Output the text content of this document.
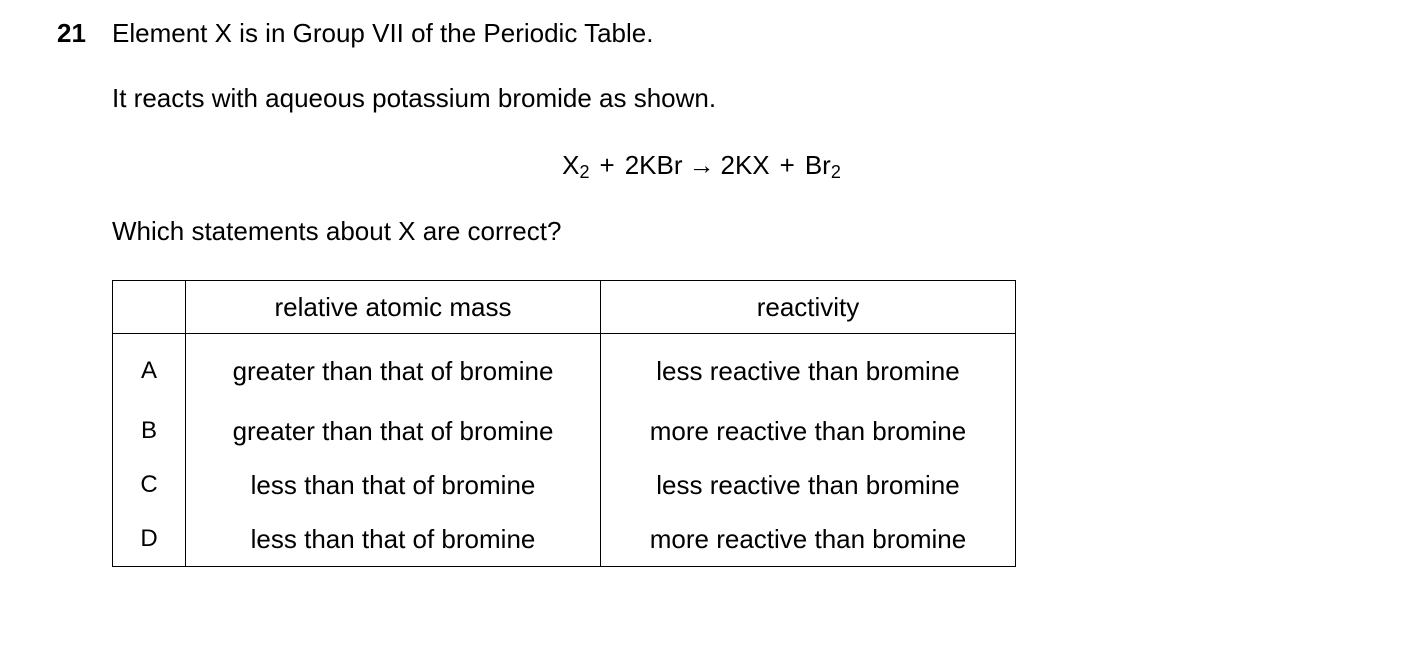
21 Element X is in Group VII of the Periodic Table.
It reacts with aqueous potassium bromide as shown.
$X_2 + 2KBr \to 2KX + Br_2$
Which statements about X are correct?
	relative atomic mass	reactivity
A	greater than that of bromine	less reactive than bromine
B	greater than that of bromine	more reactive than bromine
C	less than that of bromine	less reactive than bromine
D	less than that of bromine	more reactive than bromine
